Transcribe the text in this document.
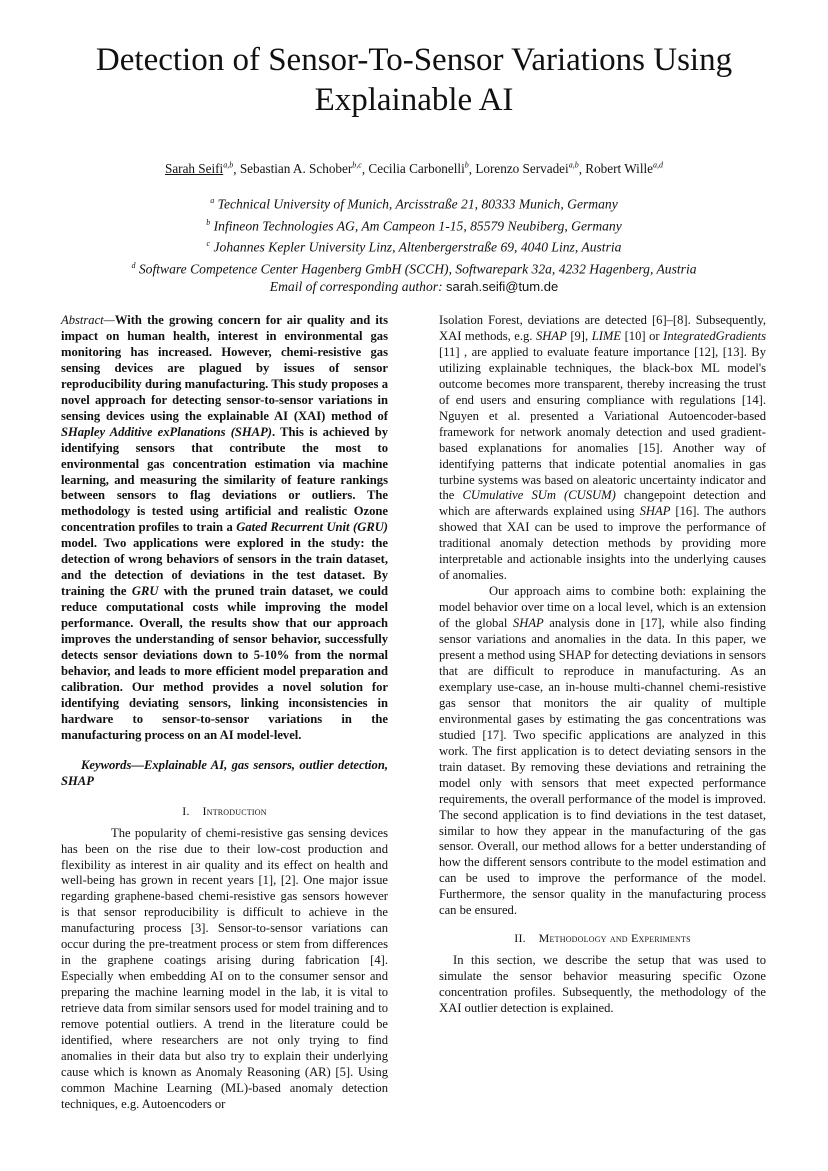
Detection of Sensor-To-Sensor Variations Using Explainable AI
Sarah Seifi$^{a,b}$, Sebastian A. Schober$^{b,c}$, Cecilia Carbonelli$^b$, Lorenzo Servadei$^{a,b}$, Robert Wille$^{a,d}$
$^a$ Technical University of Munich, Arcisstraße 21, 80333 Munich, Germany
$^b$ Infineon Technologies AG, Am Campeon 1-15, 85579 Neubiberg, Germany
$^c$ Johannes Kepler University Linz, Altenbergerstraße 69, 4040 Linz, Austria
$^d$ Software Competence Center Hagenberg GmbH (SCCH), Softwarepark 32a, 4232 Hagenberg, Austria
Email of corresponding author: sarah.seifi@tum.de

Abstract—With the growing concern for air quality and its impact on human health, interest in environmental gas monitoring has increased. However, chemi-resistive gas sensing devices are plagued by issues of sensor reproducibility during manufacturing. This study proposes a novel approach for detecting sensor-to-sensor variations in sensing devices using the explainable AI (XAI) method of SHapley Additive exPlanations (SHAP). This is achieved by identifying sensors that contribute the most to environmental gas concentration estimation via machine learning, and measuring the similarity of feature rankings between sensors to flag deviations or outliers. The methodology is tested using artificial and realistic Ozone concentration profiles to train a Gated Recurrent Unit (GRU) model. Two applications were explored in the study: the detection of wrong behaviors of sensors in the train dataset, and the detection of deviations in the test dataset. By training the GRU with the pruned train dataset, we could reduce computational costs while improving the model performance. Overall, the results show that our approach improves the understanding of sensor behavior, successfully detects sensor deviations down to 5-10% from the normal behavior, and leads to more efficient model preparation and calibration. Our method provides a novel solution for identifying deviating sensors, linking inconsistencies in hardware to sensor-to-sensor variations in the manufacturing process on an AI model-level.

Keywords—Explainable AI, gas sensors, outlier detection, SHAP

I. Introduction

The popularity of chemi-resistive gas sensing devices has been on the rise due to their low-cost production and flexibility as interest in air quality and its effect on health and well-being has grown in recent years [1], [2]. One major issue regarding graphene-based chemi-resistive gas sensors however is that sensor reproducibility is difficult to achieve in the manufacturing process [3]. Sensor-to-sensor variations can occur during the pre-treatment process or stem from differences in the graphene coatings arising during fabrication [4]. Especially when embedding AI on to the consumer sensor and preparing the machine learning model in the lab, it is vital to retrieve data from similar sensors used for model training and to remove potential outliers. A trend in the literature could be identified, where researchers are not only trying to find anomalies in their data but also try to explain their underlying cause which is known as Anomaly Reasoning (AR) [5]. Using common Machine Learning (ML)-based anomaly detection techniques, e.g. Autoencoders or

Isolation Forest, deviations are detected [6]–[8]. Subsequently, XAI methods, e.g. SHAP [9], LIME [10] or IntegratedGradients [11] , are applied to evaluate feature importance [12], [13]. By utilizing explainable techniques, the black-box ML model's outcome becomes more transparent, thereby increasing the trust of end users and ensuring compliance with regulations [14]. Nguyen et al. presented a Variational Autoencoder-based framework for network anomaly detection and used gradient-based explanations for anomalies [15]. Another way of identifying patterns that indicate potential anomalies in gas turbine systems was based on aleatoric uncertainty indicator and the CUmulative SUm (CUSUM) changepoint detection and which are afterwards explained using SHAP [16]. The authors showed that XAI can be used to improve the performance of traditional anomaly detection methods by providing more interpretable and actionable insights into the underlying causes of anomalies.

Our approach aims to combine both: explaining the model behavior over time on a local level, which is an extension of the global SHAP analysis done in [17], while also finding sensor variations and anomalies in the data. In this paper, we present a method using SHAP for detecting deviations in sensors that are difficult to reproduce in manufacturing. As an exemplary use-case, an in-house multi-channel chemi-resistive gas sensor that monitors the air quality of multiple environmental gases by estimating the gas concentrations was studied [17]. Two specific applications are analyzed in this work. The first application is to detect deviating sensors in the train dataset. By removing these deviations and retraining the model only with sensors that meet expected performance requirements, the overall performance of the model is improved. The second application is to find deviations in the test dataset, similar to how they appear in the manufacturing of the gas sensor. Overall, our method allows for a better understanding of how the different sensors contribute to the model estimation and can be used to improve the performance of the model. Furthermore, the sensor quality in the manufacturing process can be ensured.

II. Methodology and Experiments

In this section, we describe the setup that was used to simulate the sensor behavior measuring specific Ozone concentration profiles. Subsequently, the methodology of the XAI outlier detection is explained.
